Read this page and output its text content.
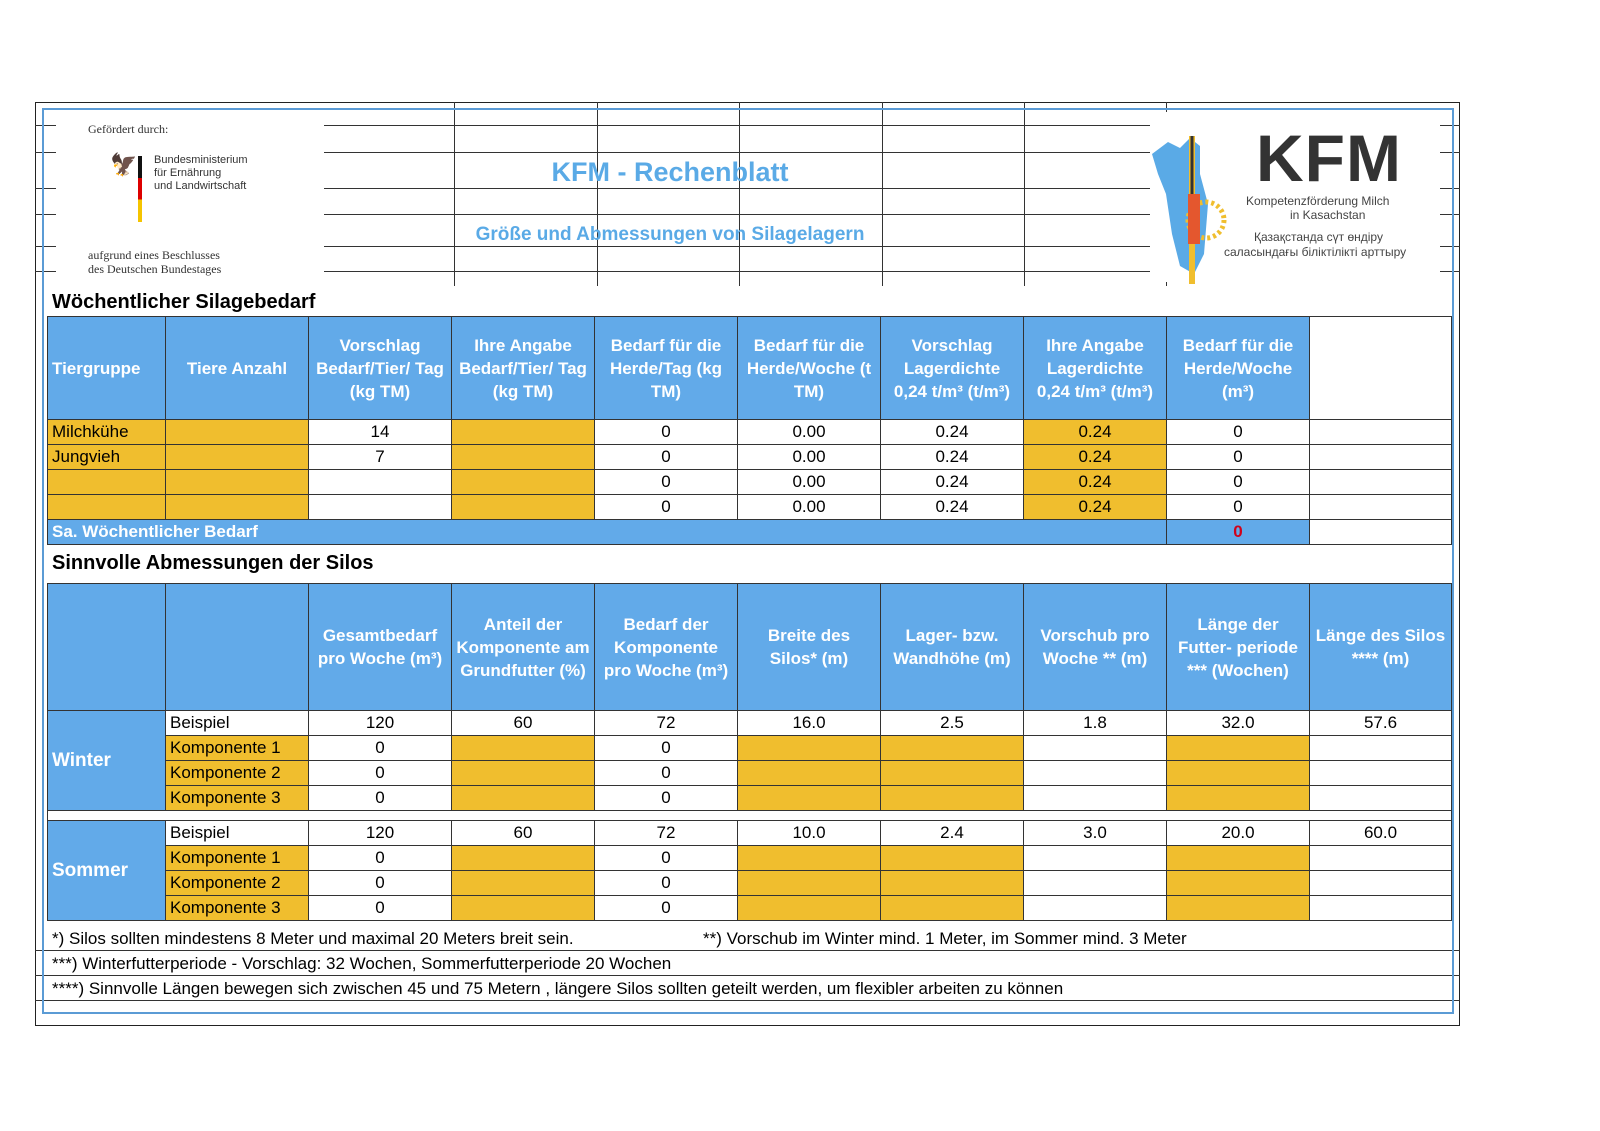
Gefördert durch:
🦅 Bundesministerium
für Ernährung
und Landwirtschaft
aufgrund eines Beschlusses
des Deutschen Bundestages
KFM - Rechenblatt
Größe und Abmessungen von Silagelagern
KFM
Kompetenzförderung Milch
in Kasachstan
Қазақстанда сүт өндіру
саласындағы біліктілікті арттыру
Wöchentlicher Silagebedarf
Tiergruppe	Tiere Anzahl	Vorschlag Bedarf/Tier/ Tag (kg TM)	Ihre Angabe Bedarf/Tier/ Tag (kg TM)	Bedarf für die Herde/Tag (kg TM)	Bedarf für die Herde/Woche (t TM)	Vorschlag Lagerdichte 0,24 t/m³ (t/m³)	Ihre Angabe Lagerdichte 0,24 t/m³ (t/m³)	Bedarf für die Herde/Woche (m³)	
Milchkühe		14		0	0.00	0.24	0.24	0	
Jungvieh		7		0	0.00	0.24	0.24	0	
				0	0.00	0.24	0.24	0	
				0	0.00	0.24	0.24	0	
Sa. Wöchentlicher Bedarf								0	
Sinnvolle Abmessungen der Silos
		Gesamtbedarf pro Woche (m³)	Anteil der Komponente am Grundfutter (%)	Bedarf der Komponente pro Woche (m³)	Breite des Silos* (m)	Lager- bzw. Wandhöhe (m)	Vorschub pro Woche ** (m)	Länge der Futter- periode *** (Wochen)	Länge des Silos **** (m)
Winter	Beispiel	120	60	72	16.0	2.5	1.8	32.0	57.6
	Komponente 1	0		0					
	Komponente 2	0		0					
	Komponente 3	0		0					

Sommer	Beispiel	120	60	72	10.0	2.4	3.0	20.0	60.0
	Komponente 1	0		0					
	Komponente 2	0		0					
	Komponente 3	0		0					
*) Silos sollten mindestens 8 Meter und maximal 20 Meters breit sein.	**) Vorschub im Winter mind. 1 Meter, im Sommer mind. 3 Meter
***) Winterfutterperiode - Vorschlag: 32 Wochen, Sommerfutterperiode 20 Wochen
****) Sinnvolle Längen bewegen sich zwischen 45 und 75 Metern , längere Silos sollten geteilt werden, um flexibler arbeiten zu können
